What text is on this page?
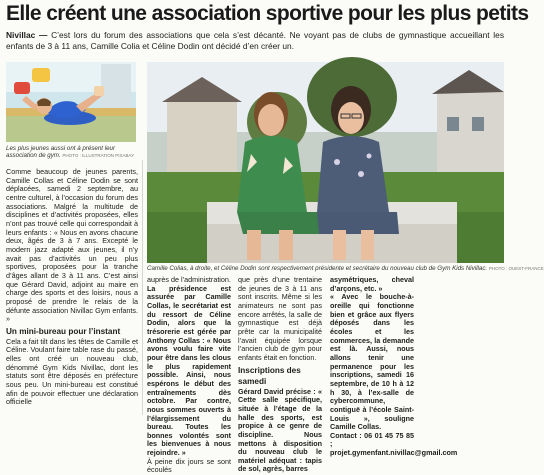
Elle créent une association sportive pour les plus petits
Nivillac — C’est lors du forum des associations que cela s’est décanté. Ne voyant pas de clubs de gymnastique accueillant les enfants de 3 à 11 ans, Camille Colia et Céline Dodin ont décidé d’en créer un.
Les plus jeunes aussi ont à présent leur association de gym. PHOTO : ILLUSTRATION PIXABAY
Camille Colias, à droite, et Céline Dodin sont respectivement présidente et secrétaire du nouveau club de Gym Kids Nivillac. PHOTO : OUEST-FRANCE

Comme beaucoup de jeunes parents, Camille Collas et Céline Dodin se sont déplacées, samedi 2 septembre, au centre culturel, à l’occasion du forum des associations. Malgré la multitude de disciplines et d’activités proposées, elles n’ont pas trouvé celle qui correspondait à leurs enfants : « Nous en avons chacune deux, âgés de 3 à 7 ans. Excepté le modern jazz adapté aux jeunes, il n’y avait pas d’activités un peu plus sportives, proposées pour la tranche d’âges allant de 3 à 11 ans. C’est ainsi que Gérard David, adjoint au maire en charge des sports et des loisirs, nous a proposé de prendre le relais de la défunte association Nivillac Gym enfants. »

Un mini-bureau pour l’instant

Cela a fait tilt dans les têtes de Camille et Céline. Voulant faire table rase du passé, elles ont créé un nouveau club, dénommé Gym Kids Nivillac, dont les statuts sont être déposés en préfecture sous peu. Un mini-bureau est constitué afin de pouvoir effectuer une déclaration officielle

auprès de l’administration.

La présidence est assurée par Camille Collas, le secrétariat est du ressort de Céline Dodin, alors que la trésorerie est gérée par Anthony Collas : « Nous avons voulu faire vite pour être dans les clous le plus rapidement possible. Ainsi, nous espérons le début des entraînements dès octobre. Par contre, nous sommes ouverts à l’élargissement du bureau. Toutes les bonnes volontés sont les bienvenues à nous rejoindre. »

À peine dix jours se sont écoulés

que près d’une trentaine de jeunes de 3 à 11 ans sont inscrits. Même si les animateurs ne sont pas encore arrêtés, la salle de gymnastique est déjà prête car la municipalité l’avait équipée lorsque l’ancien club de gym pour enfants était en fonction.

Inscriptions des samedi

Gérard David précise : « Cette salle spécifique, située à l’étage de la halle des sports, est propice à ce genre de discipline. Nous mettons à disposition du nouveau club le matériel adéquat : tapis de sol, agrès, barres

asymétriques, cheval d’arçons, etc. »

« Avec le bouche-à-oreille qui fonctionne bien et grâce aux flyers déposés dans les écoles et les commerces, la demande est là. Aussi, nous allons tenir une permanence pour les inscriptions, samedi 16 septembre, de 10 h à 12 h 30, à l’ex-salle de cybercommune, contiguë à l’école Saint-Louis », souligne Camille Collas.

Contact : 06 01 45 75 85 ; projet.gymenfant.nivillac@gmail.com
